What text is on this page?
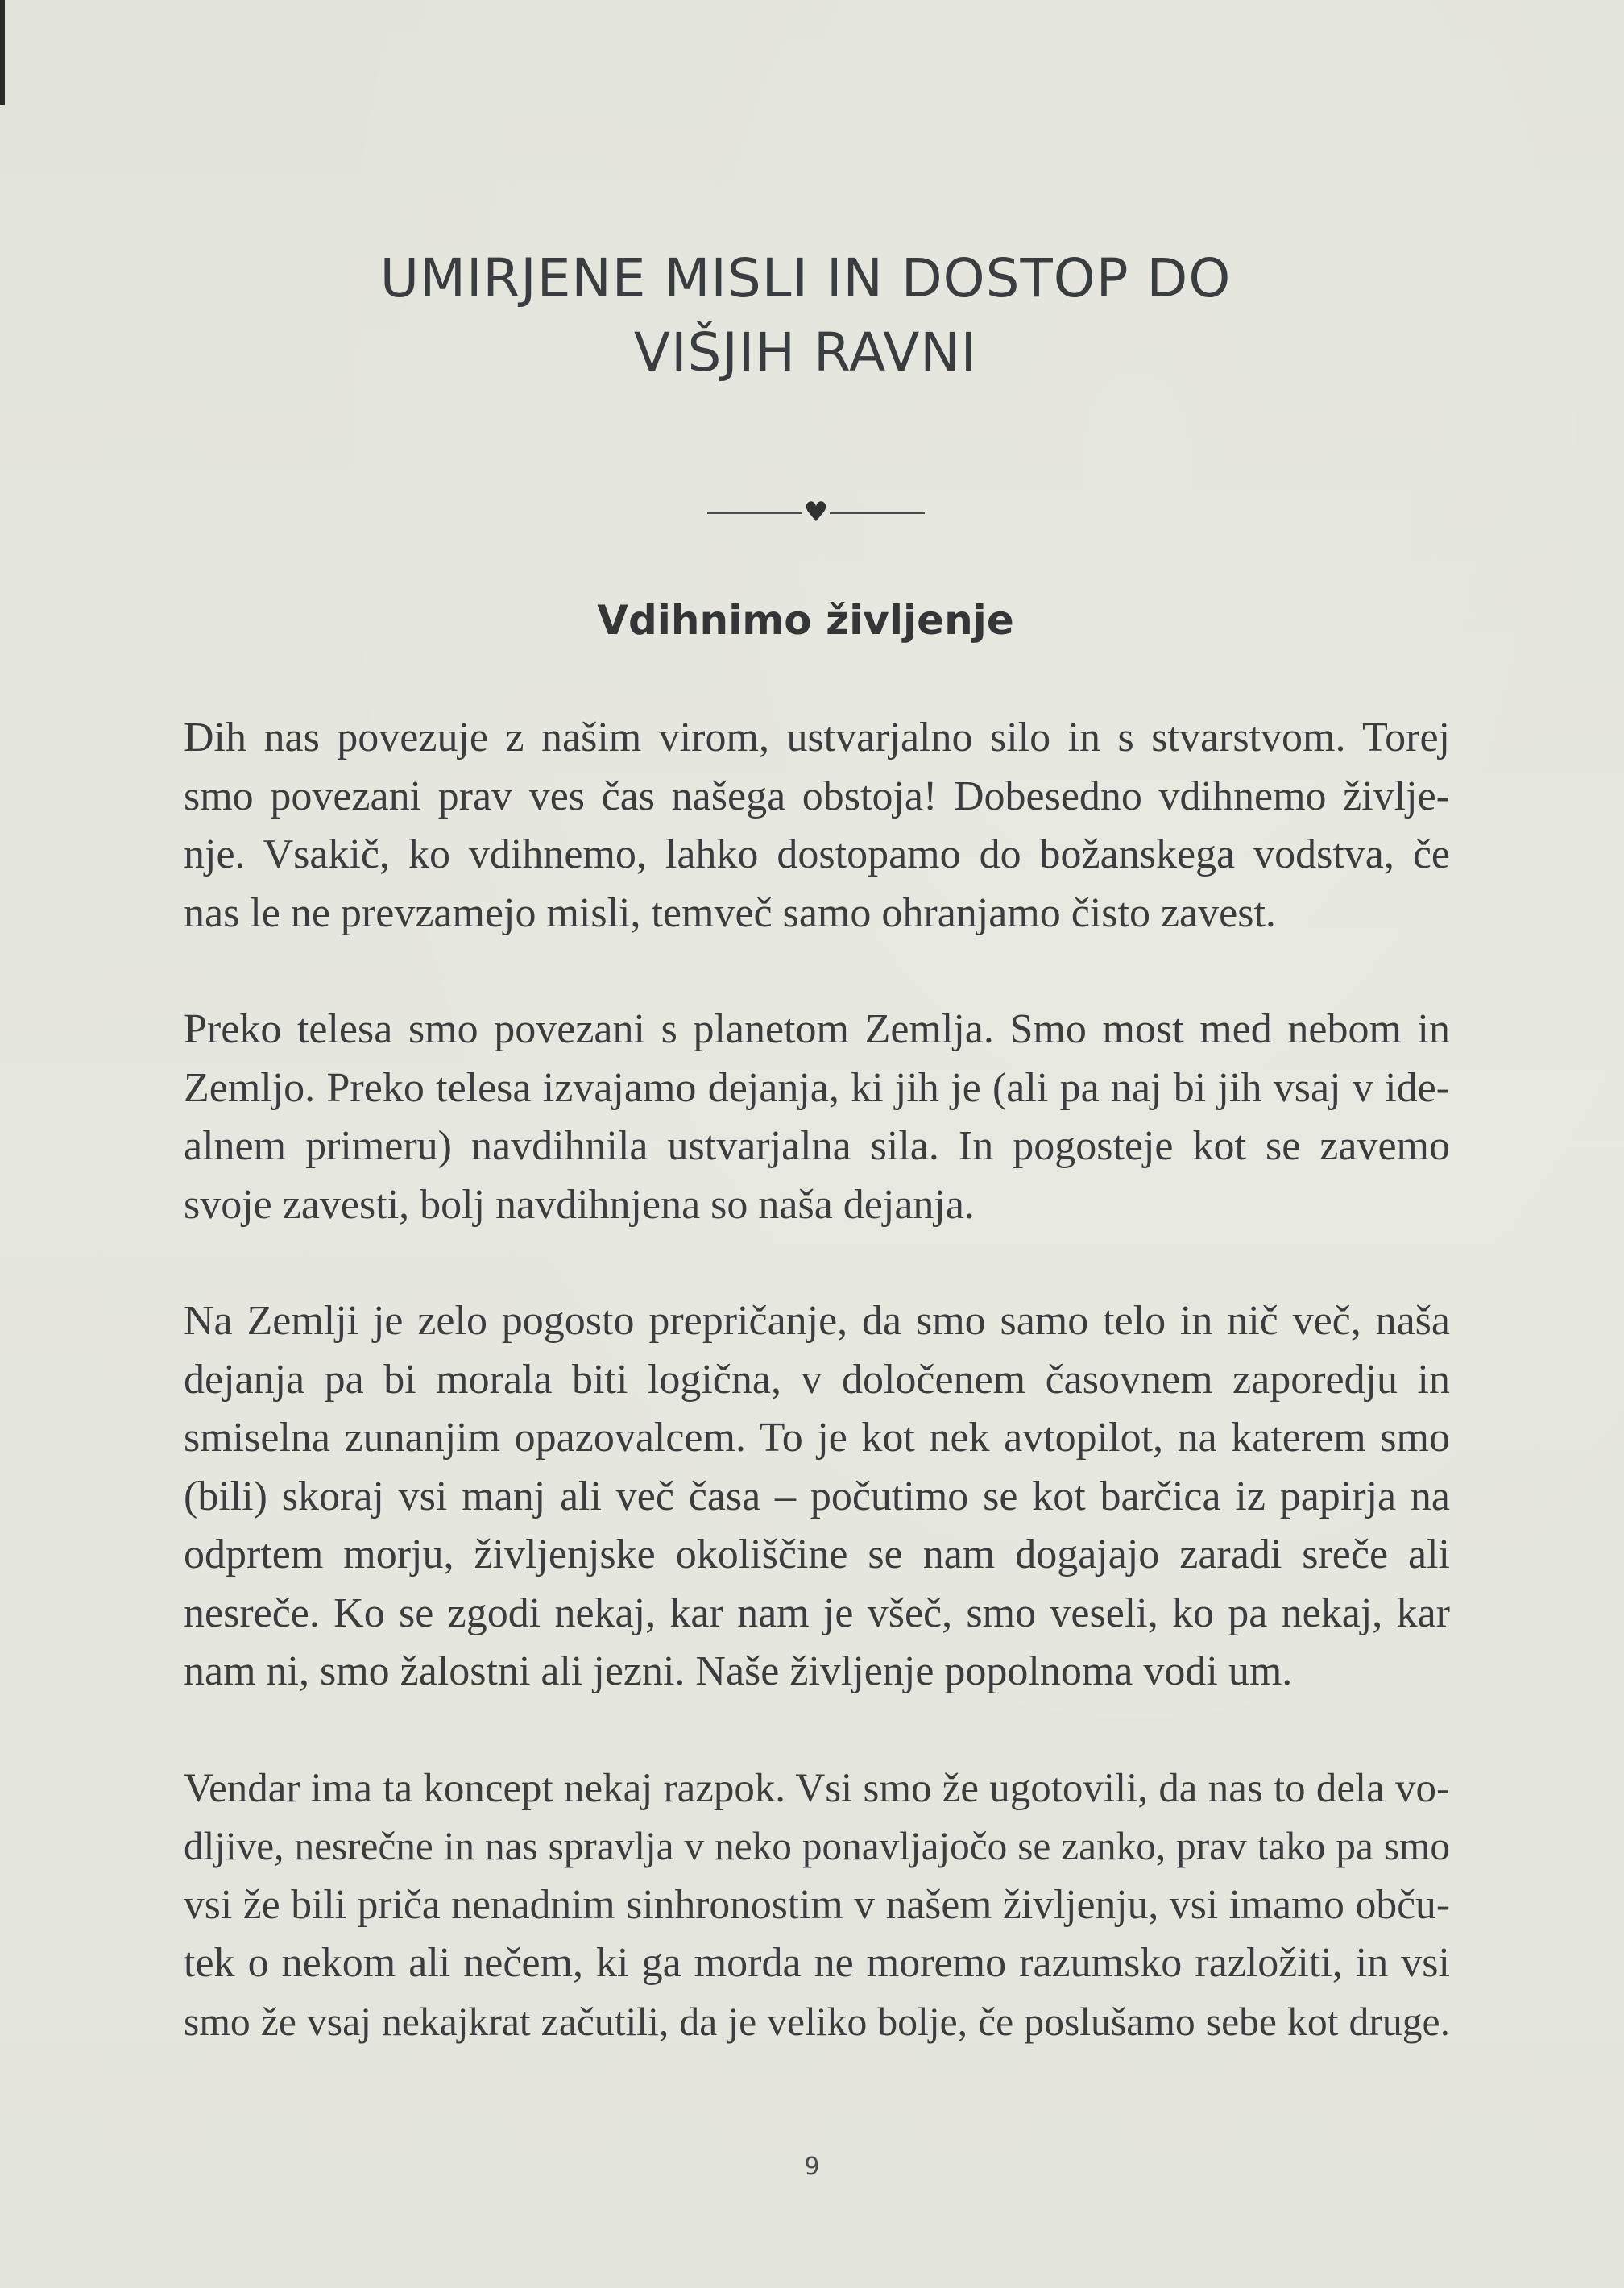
UMIRJENE MISLI IN DOSTOP DO
VIŠJIH RAVNI
♥
Vdihnimo življenje

Dih nas povezuje z našim virom, ustvarjalno silo in s stvarstvom. Torej
smo povezani prav ves čas našega obstoja! Dobesedno vdihnemo življe-
nje. Vsakič, ko vdihnemo, lahko dostopamo do božanskega vodstva, če
nas le ne prevzamejo misli, temveč samo ohranjamo čisto zavest.

Preko telesa smo povezani s planetom Zemlja. Smo most med nebom in
Zemljo. Preko telesa izvajamo dejanja, ki jih je (ali pa naj bi jih vsaj v ide-
alnem primeru) navdihnila ustvarjalna sila. In pogosteje kot se zavemo
svoje zavesti, bolj navdihnjena so naša dejanja.

Na Zemlji je zelo pogosto prepričanje, da smo samo telo in nič več, naša
dejanja pa bi morala biti logična, v določenem časovnem zaporedju in
smiselna zunanjim opazovalcem. To je kot nek avtopilot, na katerem smo
(bili) skoraj vsi manj ali več časa – počutimo se kot barčica iz papirja na
odprtem morju, življenjske okoliščine se nam dogajajo zaradi sreče ali
nesreče. Ko se zgodi nekaj, kar nam je všeč, smo veseli, ko pa nekaj, kar
nam ni, smo žalostni ali jezni. Naše življenje popolnoma vodi um.

Vendar ima ta koncept nekaj razpok. Vsi smo že ugotovili, da nas to dela vo-
dljive, nesrečne in nas spravlja v neko ponavljajočo se zanko, prav tako pa smo
vsi že bili priča nenadnim sinhronostim v našem življenju, vsi imamo obču-
tek o nekom ali nečem, ki ga morda ne moremo razumsko razložiti, in vsi
smo že vsaj nekajkrat začutili, da je veliko bolje, če poslušamo sebe kot druge.

9
